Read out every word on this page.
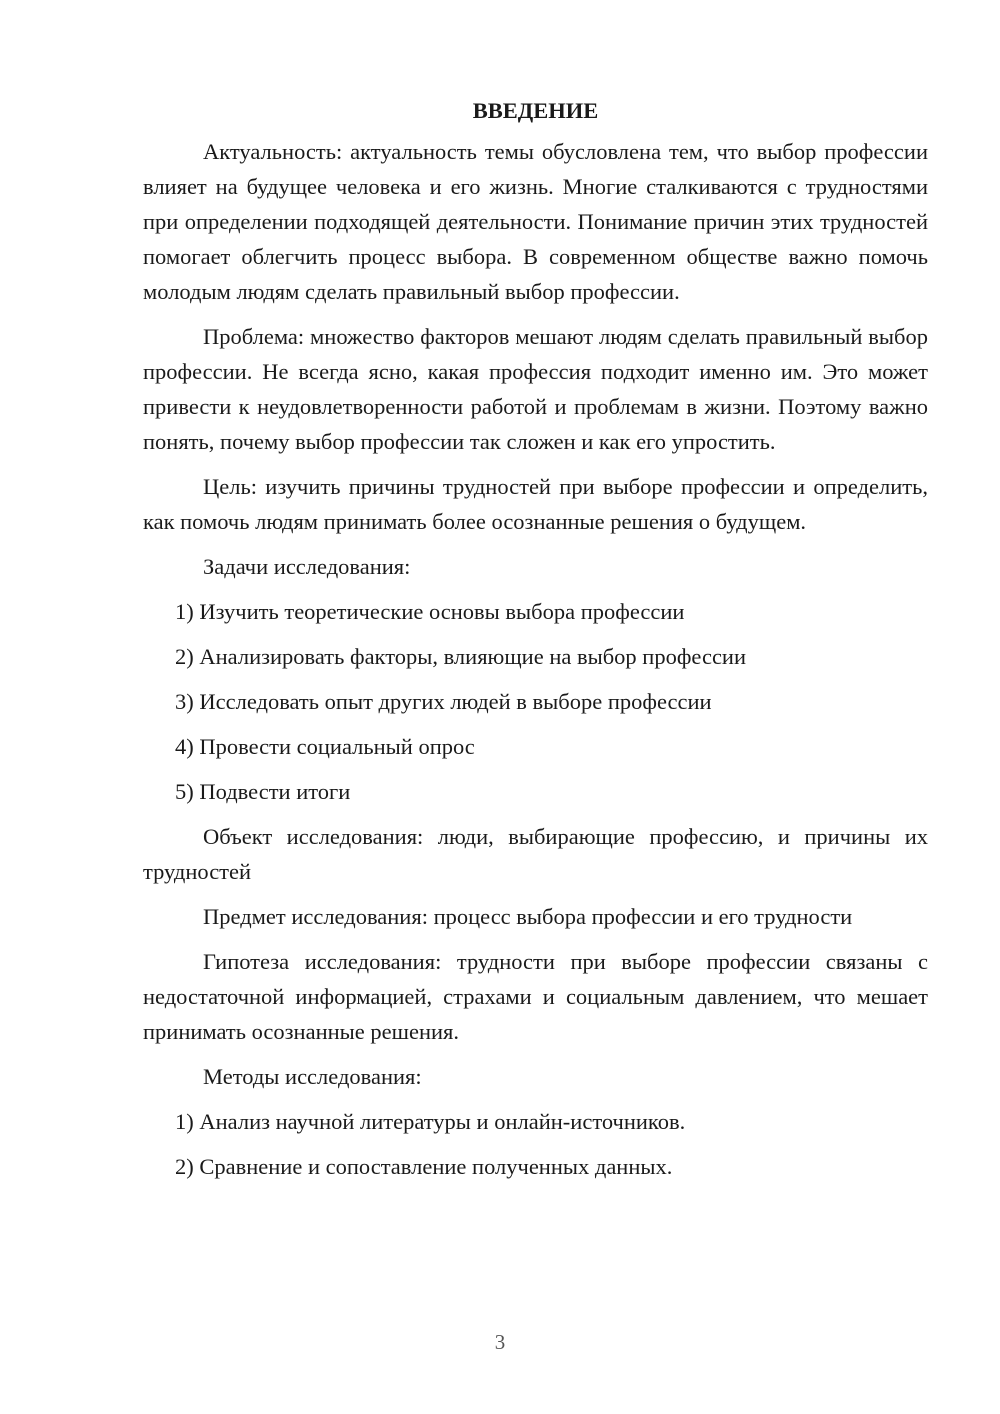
ВВЕДЕНИЕ

Актуальность: актуальность темы обусловлена тем, что выбор профессии влияет на будущее человека и его жизнь. Многие сталкиваются с трудностями при определении подходящей деятельности. Понимание причин этих трудностей помогает облегчить процесс выбора. В современном обществе важно помочь молодым людям сделать правильный выбор профессии.

Проблема: множество факторов мешают людям сделать правильный выбор профессии. Не всегда ясно, какая профессия подходит именно им. Это может привести к неудовлетворенности работой и проблемам в жизни. Поэтому важно понять, почему выбор профессии так сложен и как его упростить.

Цель: изучить причины трудностей при выборе профессии и определить, как помочь людям принимать более осознанные решения о будущем.

Задачи исследования:

1) Изучить теоретические основы выбора профессии

2) Анализировать факторы, влияющие на выбор профессии

3) Исследовать опыт других людей в выборе профессии

4) Провести социальный опрос

5) Подвести итоги

Объект исследования: люди, выбирающие профессию, и причины их трудностей

Предмет исследования: процесс выбора профессии и его трудности

Гипотеза исследования: трудности при выборе профессии связаны с недостаточной информацией, страхами и социальным давлением, что мешает принимать осознанные решения.

Методы исследования:

1) Анализ научной литературы и онлайн-источников.

2) Сравнение и сопоставление полученных данных.

3
